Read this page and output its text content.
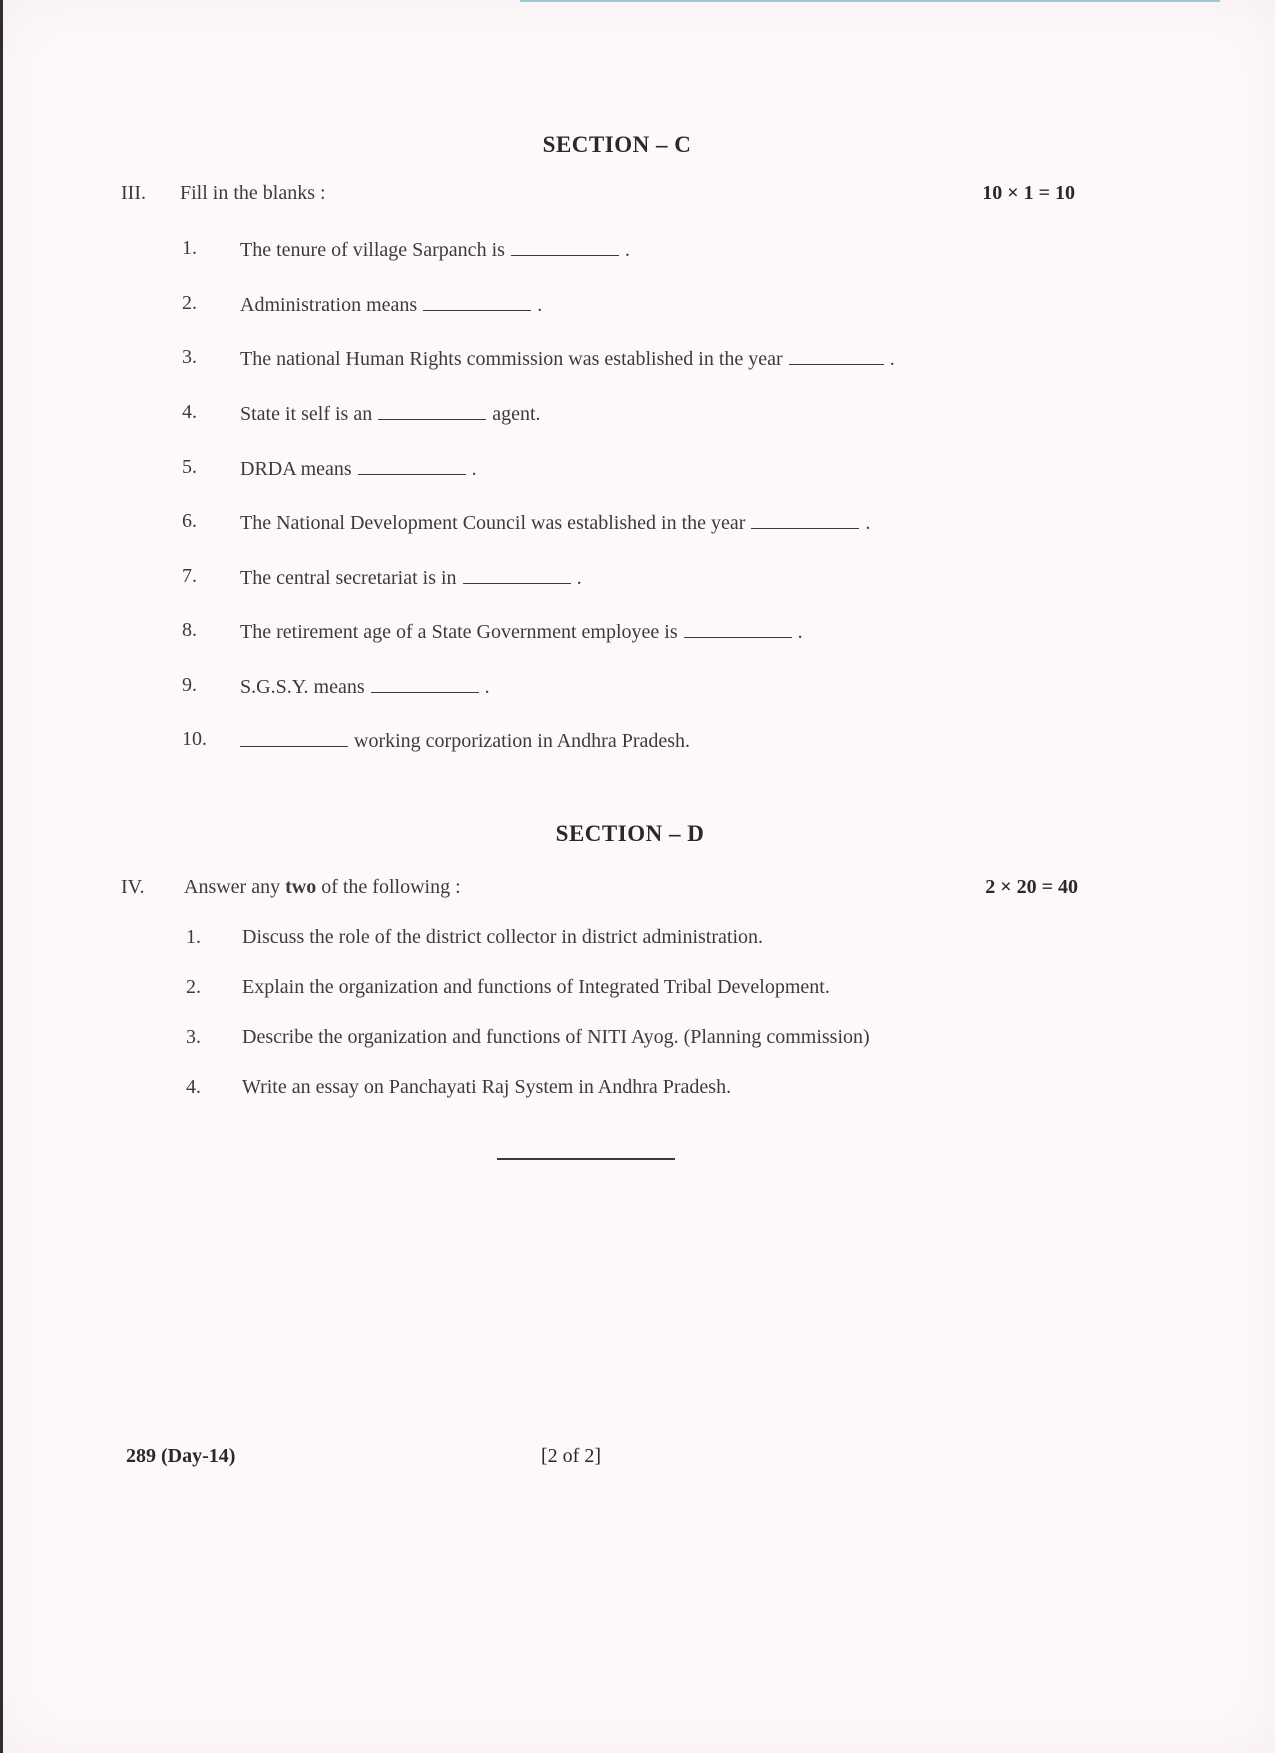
SECTION – C
III. Fill in the blanks :	10 × 1 = 10
1.	The tenure of village Sarpanch is	.
2.	Administration means	.
3.	The national Human Rights commission was established in the year	.
4.	State it self is an	agent.
5.	DRDA means	.
6.	The National Development Council was established in the year	.
7.	The central secretariat is in	.
8.	The retirement age of a State Government employee is	.
9.	S.G.S.Y. means	.
10.	working corporization in Andhra Pradesh.
SECTION – D
IV. Answer any two of the following :	2 × 20 = 40
1.	Discuss the role of the district collector in district administration.
2.	Explain the organization and functions of Integrated Tribal Development.
3.	Describe the organization and functions of NITI Ayog. (Planning commission)
4.	Write an essay on Panchayati Raj System in Andhra Pradesh.
289 (Day-14)	[2 of 2]
